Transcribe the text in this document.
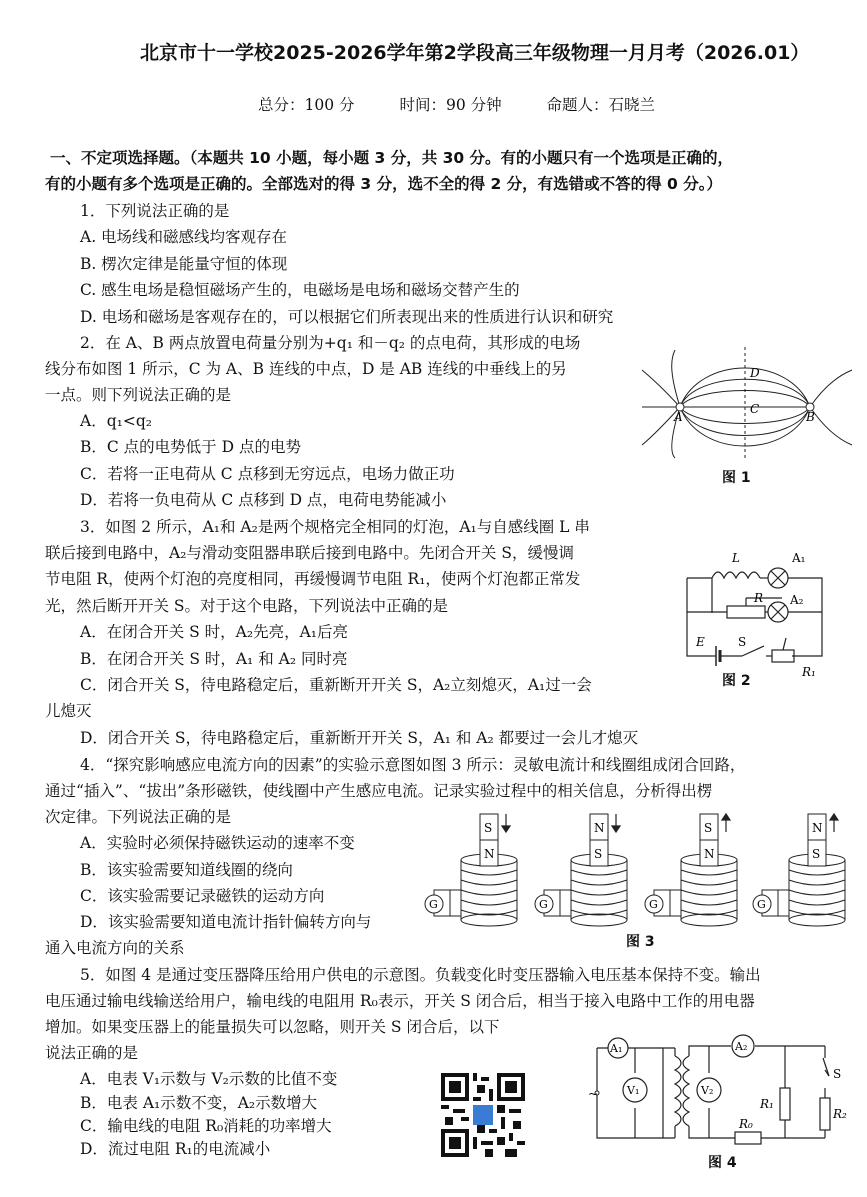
北京市十一学校2025-2026学年第2学段高三年级物理一月月考（2026.01）
总分：100 分	时间：90 分钟	命题人：石晓兰
一、不定项选择题。（本题共 10 小题，每小题 3 分，共 30 分。有的小题只有一个选项是正确的，
有的小题有多个选项是正确的。全部选对的得 3 分，选不全的得 2 分，有选错或不答的得 0 分。）
1．下列说法正确的是
A. 电场线和磁感线均客观存在
B. 楞次定律是能量守恒的体现
C. 感生电场是稳恒磁场产生的，电磁场是电场和磁场交替产生的
D. 电场和磁场是客观存在的，可以根据它们所表现出来的性质进行认识和研究
2．在 A、B 两点放置电荷量分别为+q₁ 和－q₂ 的点电荷，其形成的电场
线分布如图 1 所示，C 为 A、B 连线的中点，D 是 AB 连线的中垂线上的另
一点。则下列说法正确的是
A．q₁<q₂
B．C 点的电势低于 D 点的电势
C．若将一正电荷从 C 点移到无穷远点，电场力做正功
D．若将一负电荷从 C 点移到 D 点，电荷电势能减小
A	B
C
D
图 1
3．如图 2 所示，A₁和 A₂是两个规格完全相同的灯泡，A₁与自感线圈 L 串
联后接到电路中，A₂与滑动变阻器串联后接到电路中。先闭合开关 S，缓慢调
节电阻 R，使两个灯泡的亮度相同，再缓慢调节电阻 R₁，使两个灯泡都正常发
光，然后断开开关 S。对于这个电路，下列说法中正确的是
A．在闭合开关 S 时，A₂先亮，A₁后亮
B．在闭合开关 S 时，A₁ 和 A₂ 同时亮
C．闭合开关 S，待电路稳定后，重新断开开关 S，A₂立刻熄灭，A₁过一会
儿熄灭
D．闭合开关 S，待电路稳定后，重新断开开关 S，A₁ 和 A₂ 都要过一会儿才熄灭
L	A₁
R A₂
E	S
R₁
图 2
4．“探究影响感应电流方向的因素”的实验示意图如图 3 所示：灵敏电流计和线圈组成闭合回路，
通过“插入”、“拔出”条形磁铁，使线圈中产生感应电流。记录实验过程中的相关信息，分析得出楞
次定律。下列说法正确的是
A．实验时必须保持磁铁运动的速率不变
B．该实验需要知道线圈的绕向
C．该实验需要记录磁铁的运动方向
D．该实验需要知道电流计指针偏转方向与
通入电流方向的关系
S
N
N
S
S
N
N
S
G	G	G	G
图 3
5．如图 4 是通过变压器降压给用户供电的示意图。负载变化时变压器输入电压基本保持不变。输出
电压通过输电线输送给用户，输电线的电阻用 R₀表示，开关 S 闭合后，相当于接入电路中工作的用电器
增加。如果变压器上的能量损失可以忽略，则开关 S 闭合后，以下
说法正确的是
A．电表 V₁示数与 V₂示数的比值不变
B．电表 A₁示数不变，A₂示数增大
C．输电线的电阻 R₀消耗的功率增大
D．流过电阻 R₁的电流减小
A₁
V₁	V₂
A₂
R₁
R₀
S
R₂
~
图 4
